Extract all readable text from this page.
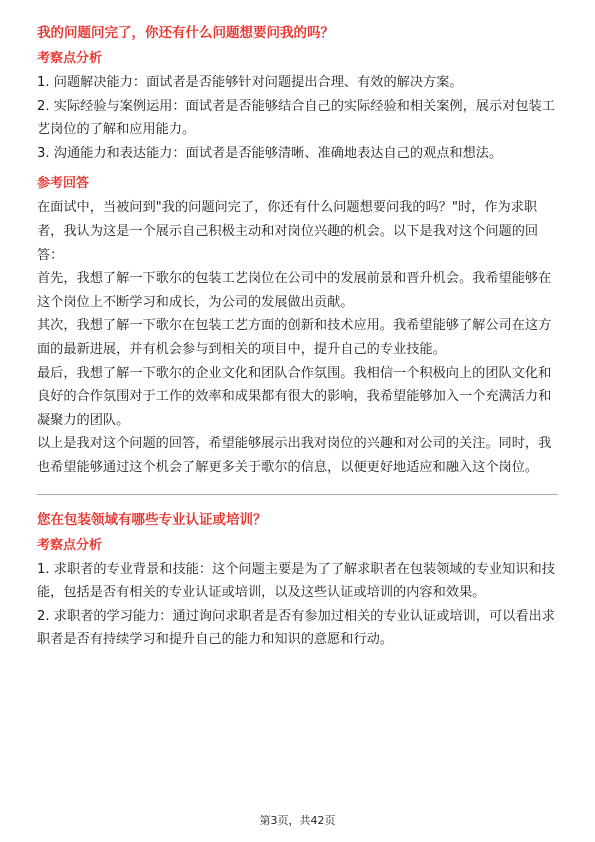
我的问题问完了，你还有什么问题想要问我的吗？
考察点分析

1. 问题解决能力：面试者是否能够针对问题提出合理、有效的解决方案。

2. 实际经验与案例运用：面试者是否能够结合自己的实际经验和相关案例，展示对包装工艺岗位的了解和应用能力。

3. 沟通能力和表达能力：面试者是否能够清晰、准确地表达自己的观点和想法。

参考回答

在面试中，当被问到"我的问题问完了，你还有什么问题想要问我的吗？"时，作为求职者，我认为这是一个展示自己积极主动和对岗位兴趣的机会。以下是我对这个问题的回答：

首先，我想了解一下歌尔的包装工艺岗位在公司中的发展前景和晋升机会。我希望能够在这个岗位上不断学习和成长，为公司的发展做出贡献。

其次，我想了解一下歌尔在包装工艺方面的创新和技术应用。我希望能够了解公司在这方面的最新进展，并有机会参与到相关的项目中，提升自己的专业技能。

最后，我想了解一下歌尔的企业文化和团队合作氛围。我相信一个积极向上的团队文化和良好的合作氛围对于工作的效率和成果都有很大的影响，我希望能够加入一个充满活力和凝聚力的团队。

以上是我对这个问题的回答，希望能够展示出我对岗位的兴趣和对公司的关注。同时，我也希望能够通过这个机会了解更多关于歌尔的信息，以便更好地适应和融入这个岗位。

您在包装领域有哪些专业认证或培训？
考察点分析

1. 求职者的专业背景和技能：这个问题主要是为了了解求职者在包装领域的专业知识和技能，包括是否有相关的专业认证或培训，以及这些认证或培训的内容和效果。

2. 求职者的学习能力：通过询问求职者是否有参加过相关的专业认证或培训，可以看出求职者是否有持续学习和提升自己的能力和知识的意愿和行动。

第3页，共42页
